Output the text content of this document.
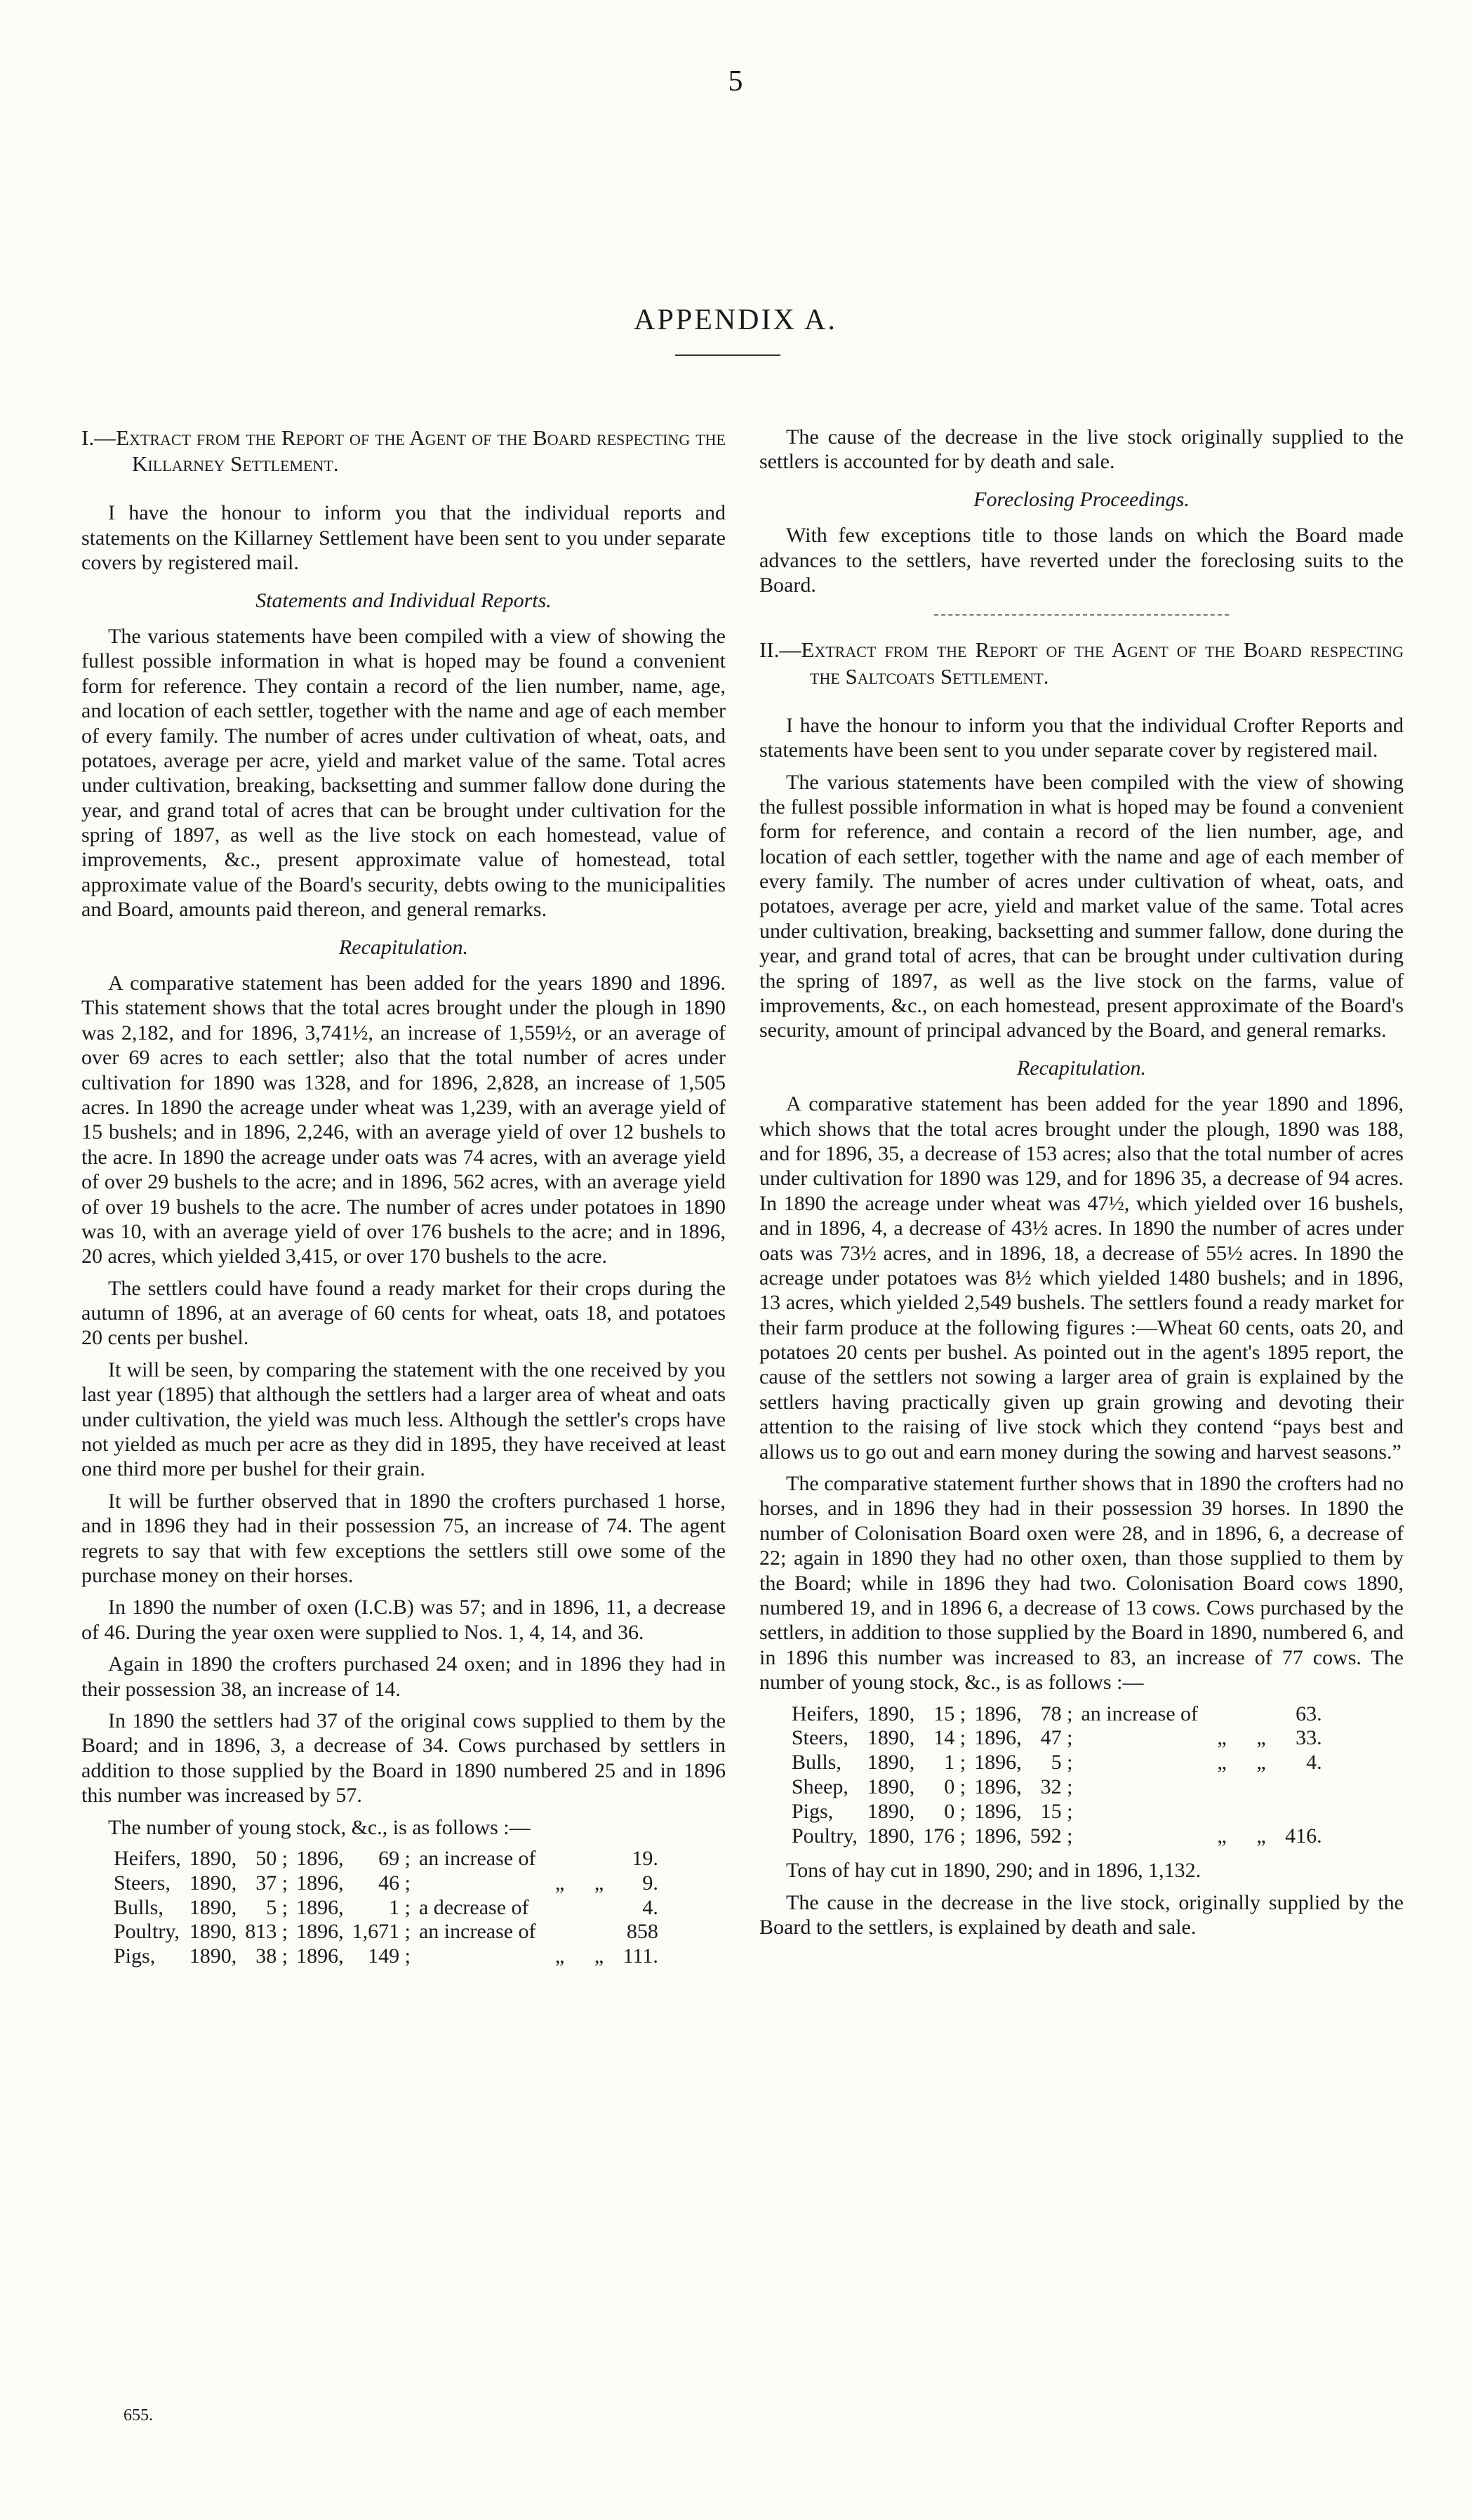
5
APPENDIX A.
I.—Extract from the Report of the Agent of the Board respecting the Killarney Settlement.

I have the honour to inform you that the individual reports and statements on the Killarney Settlement have been sent to you under separate covers by registered mail.

Statements and Individual Reports.

The various statements have been compiled with a view of showing the fullest possible information in what is hoped may be found a convenient form for reference. They contain a record of the lien number, name, age, and location of each settler, together with the name and age of each member of every family. The number of acres under cultivation of wheat, oats, and potatoes, average per acre, yield and market value of the same. Total acres under cultivation, breaking, backsetting and summer fallow done during the year, and grand total of acres that can be brought under cultivation for the spring of 1897, as well as the live stock on each homestead, value of improvements, &c., present approximate value of homestead, total approximate value of the Board's security, debts owing to the municipalities and Board, amounts paid thereon, and general remarks.

Recapitulation.

A comparative statement has been added for the years 1890 and 1896. This statement shows that the total acres brought under the plough in 1890 was 2,182, and for 1896, 3,741½, an increase of 1,559½, or an average of over 69 acres to each settler; also that the total number of acres under cultivation for 1890 was 1328, and for 1896, 2,828, an increase of 1,505 acres. In 1890 the acreage under wheat was 1,239, with an average yield of 15 bushels; and in 1896, 2,246, with an average yield of over 12 bushels to the acre. In 1890 the acreage under oats was 74 acres, with an average yield of over 29 bushels to the acre; and in 1896, 562 acres, with an average yield of over 19 bushels to the acre. The number of acres under potatoes in 1890 was 10, with an average yield of over 176 bushels to the acre; and in 1896, 20 acres, which yielded 3,415, or over 170 bushels to the acre.

The settlers could have found a ready market for their crops during the autumn of 1896, at an average of 60 cents for wheat, oats 18, and potatoes 20 cents per bushel.

It will be seen, by comparing the statement with the one received by you last year (1895) that although the settlers had a larger area of wheat and oats under cultivation, the yield was much less. Although the settler's crops have not yielded as much per acre as they did in 1895, they have received at least one third more per bushel for their grain.

It will be further observed that in 1890 the crofters purchased 1 horse, and in 1896 they had in their possession 75, an increase of 74. The agent regrets to say that with few exceptions the settlers still owe some of the purchase money on their horses.

In 1890 the number of oxen (I.C.B) was 57; and in 1896, 11, a decrease of 46. During the year oxen were supplied to Nos. 1, 4, 14, and 36.

Again in 1890 the crofters purchased 24 oxen; and in 1896 they had in their possession 38, an increase of 14.

In 1890 the settlers had 37 of the original cows supplied to them by the Board; and in 1896, 3, a decrease of 34. Cows purchased by settlers in addition to those supplied by the Board in 1890 numbered 25 and in 1896 this number was increased by 57.

The number of young stock, &c., is as follows :—

Heifers,	1890,	50 ;	1896,	69 ;	an increase of			19.
Steers,	1890,	37 ;	1896,	46 ;		„	„	9.
Bulls,	1890,	5 ;	1896,	1 ;	a decrease of			4.
Poultry,	1890,	813 ;	1896,	1,671 ;	an increase of			858
Pigs,	1890,	38 ;	1896,	149 ;		„	„	111.

The cause of the decrease in the live stock originally supplied to the settlers is accounted for by death and sale.

Foreclosing Proceedings.

With few exceptions title to those lands on which the Board made advances to the settlers, have reverted under the foreclosing suits to the Board.

II.—Extract from the Report of the Agent of the Board respecting the Saltcoats Settlement.

I have the honour to inform you that the individual Crofter Reports and statements have been sent to you under separate cover by registered mail.

The various statements have been compiled with the view of showing the fullest possible information in what is hoped may be found a convenient form for reference, and contain a record of the lien number, age, and location of each settler, together with the name and age of each member of every family. The number of acres under cultivation of wheat, oats, and potatoes, average per acre, yield and market value of the same. Total acres under cultivation, breaking, backsetting and summer fallow, done during the year, and grand total of acres, that can be brought under cultivation during the spring of 1897, as well as the live stock on the farms, value of improvements, &c., on each homestead, present approximate of the Board's security, amount of principal advanced by the Board, and general remarks.

Recapitulation.

A comparative statement has been added for the year 1890 and 1896, which shows that the total acres brought under the plough, 1890 was 188, and for 1896, 35, a decrease of 153 acres; also that the total number of acres under cultivation for 1890 was 129, and for 1896 35, a decrease of 94 acres. In 1890 the acreage under wheat was 47½, which yielded over 16 bushels, and in 1896, 4, a decrease of 43½ acres. In 1890 the number of acres under oats was 73½ acres, and in 1896, 18, a decrease of 55½ acres. In 1890 the acreage under potatoes was 8½ which yielded 1480 bushels; and in 1896, 13 acres, which yielded 2,549 bushels. The settlers found a ready market for their farm produce at the following figures :—Wheat 60 cents, oats 20, and potatoes 20 cents per bushel. As pointed out in the agent's 1895 report, the cause of the settlers not sowing a larger area of grain is explained by the settlers having practically given up grain growing and devoting their attention to the raising of live stock which they contend “pays best and allows us to go out and earn money during the sowing and harvest seasons.”

The comparative statement further shows that in 1890 the crofters had no horses, and in 1896 they had in their possession 39 horses. In 1890 the number of Colonisation Board oxen were 28, and in 1896, 6, a decrease of 22; again in 1890 they had no other oxen, than those supplied to them by the Board; while in 1896 they had two. Colonisation Board cows 1890, numbered 19, and in 1896 6, a decrease of 13 cows. Cows purchased by the settlers, in addition to those supplied by the Board in 1890, numbered 6, and in 1896 this number was increased to 83, an increase of 77 cows. The number of young stock, &c., is as follows :—

Heifers,	1890,	15 ;	1896,	78 ;	an increase of			63.
Steers,	1890,	14 ;	1896,	47 ;		„	„	33.
Bulls,	1890,	1 ;	1896,	5 ;		„	„	4.
Sheep,	1890,	0 ;	1896,	32 ;				
Pigs,	1890,	0 ;	1896,	15 ;				
Poultry,	1890,	176 ;	1896,	592 ;		„	„	416.

Tons of hay cut in 1890, 290; and in 1896, 1,132.

The cause in the decrease in the live stock, originally supplied by the Board to the settlers, is explained by death and sale.

655.
